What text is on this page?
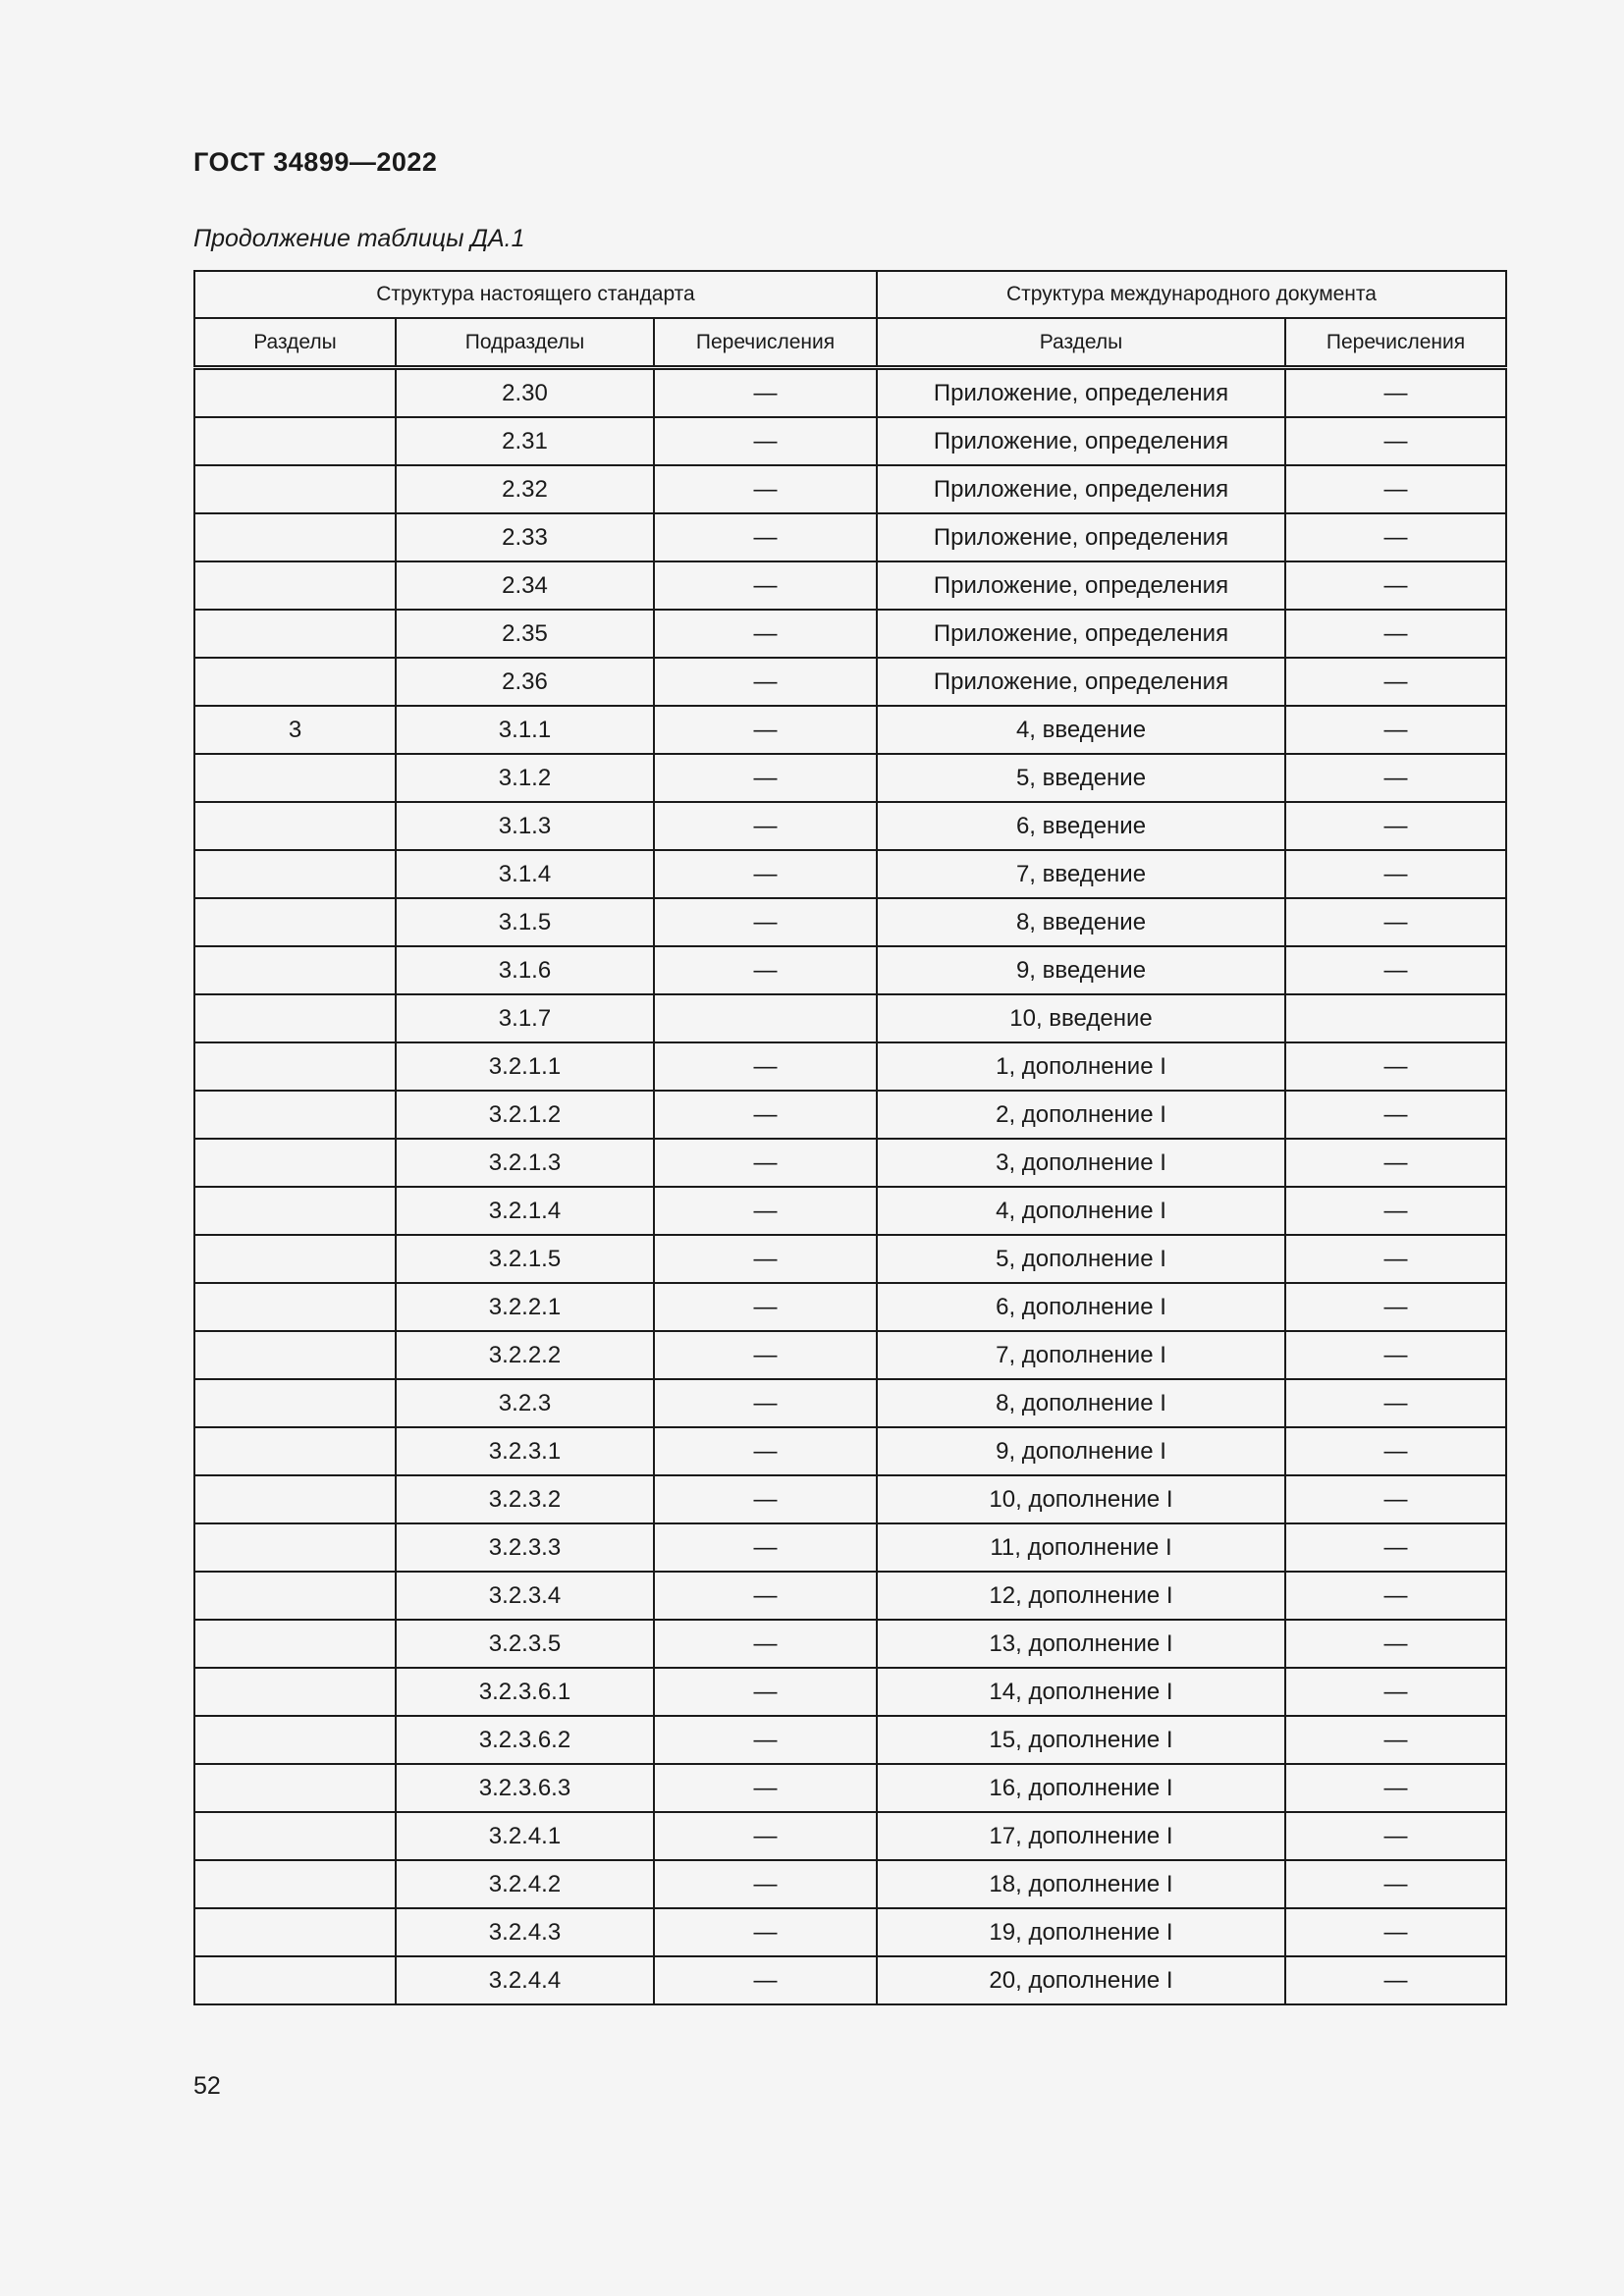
ГОСТ 34899—2022
Продолжение таблицы ДА.1
Структура настоящего стандарта			Структура международного документа	
Разделы	Подразделы	Перечисления	Разделы	Перечисления
	2.30	—	Приложение, определения	—
	2.31	—	Приложение, определения	—
	2.32	—	Приложение, определения	—
	2.33	—	Приложение, определения	—
	2.34	—	Приложение, определения	—
	2.35	—	Приложение, определения	—
	2.36	—	Приложение, определения	—
3	3.1.1	—	4, введение	—
	3.1.2	—	5, введение	—
	3.1.3	—	6, введение	—
	3.1.4	—	7, введение	—
	3.1.5	—	8, введение	—
	3.1.6	—	9, введение	—
	3.1.7		10, введение	
	3.2.1.1	—	1, дополнение I	—
	3.2.1.2	—	2, дополнение I	—
	3.2.1.3	—	3, дополнение I	—
	3.2.1.4	—	4, дополнение I	—
	3.2.1.5	—	5, дополнение I	—
	3.2.2.1	—	6, дополнение I	—
	3.2.2.2	—	7, дополнение I	—
	3.2.3	—	8, дополнение I	—
	3.2.3.1	—	9, дополнение I	—
	3.2.3.2	—	10, дополнение I	—
	3.2.3.3	—	11, дополнение I	—
	3.2.3.4	—	12, дополнение I	—
	3.2.3.5	—	13, дополнение I	—
	3.2.3.6.1	—	14, дополнение I	—
	3.2.3.6.2	—	15, дополнение I	—
	3.2.3.6.3	—	16, дополнение I	—
	3.2.4.1	—	17, дополнение I	—
	3.2.4.2	—	18, дополнение I	—
	3.2.4.3	—	19, дополнение I	—
	3.2.4.4	—	20, дополнение I	—
52
